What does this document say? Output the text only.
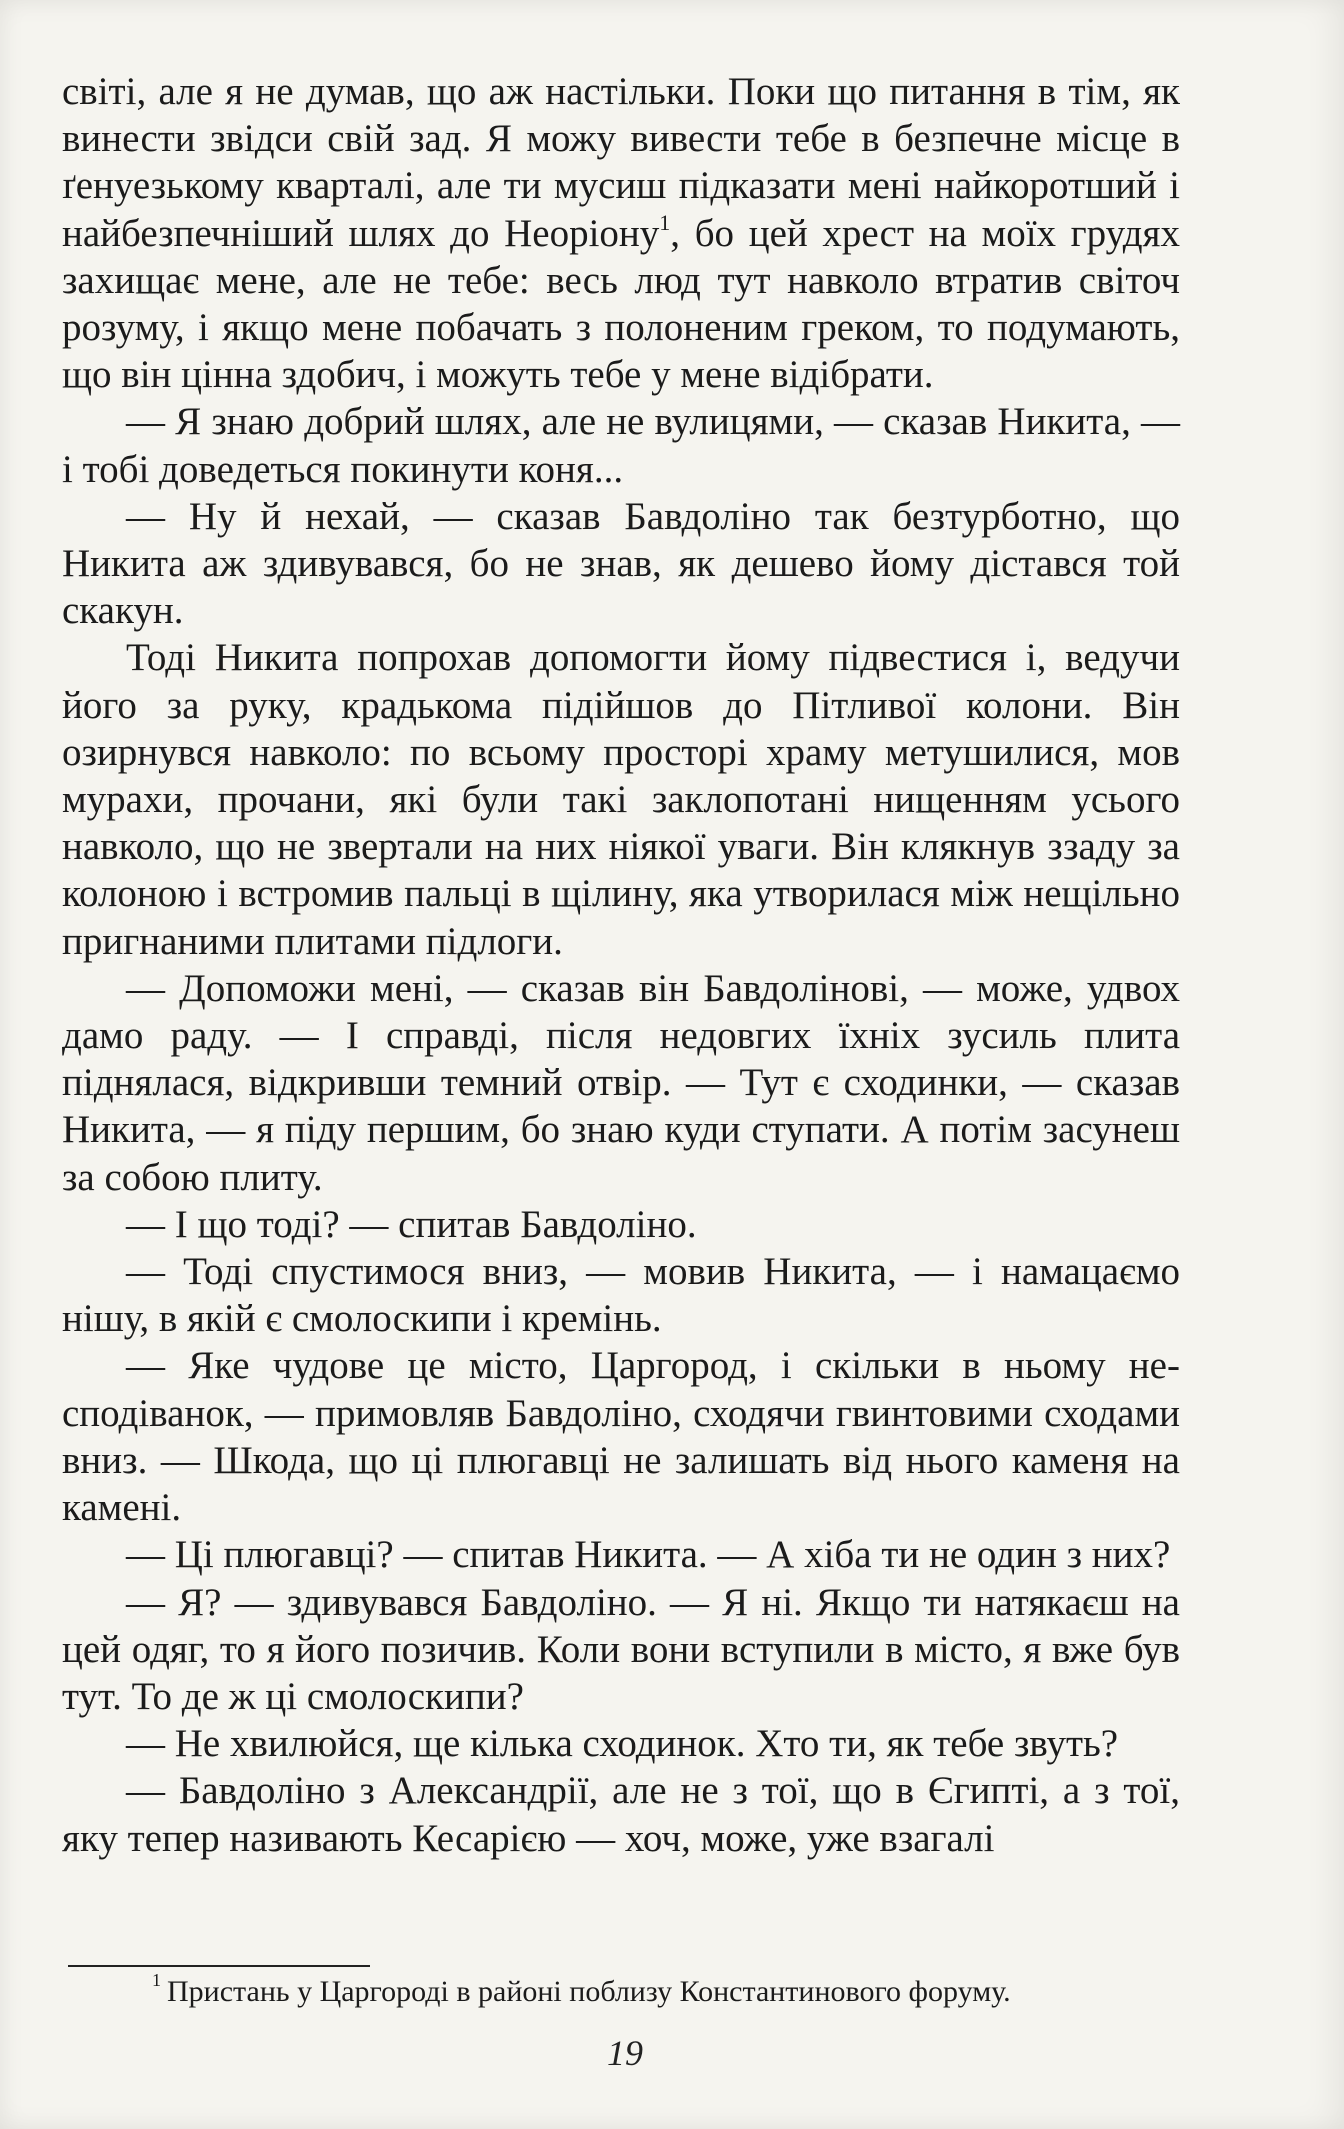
світі, але я не думав, що аж настільки. Поки що питання в тім, як винести звідси свій зад. Я можу вивести тебе в безпечне місце в ґенуезькому кварталі, але ти мусиш підказати мені найкоротший і найбезпечніший шлях до Неоріону$^1$, бо цей хрест на моїх грудях захищає мене, але не тебе: весь люд тут навколо втратив світоч розуму, і якщо мене побачать з полоненим греком, то подумають, що він цінна здобич, і можуть тебе у мене відібрати.

— Я знаю добрий шлях, але не вулицями, — сказав Никита, — і тобі доведеться покинути коня...

— Ну й нехай, — сказав Бавдоліно так безтурботно, що Никита аж здивувався, бо не знав, як дешево йому дістався той скакун.

Тоді Никита попрохав допомогти йому підвестися і, ведучи його за руку, крадькома підійшов до Пітливої колони. Він озирнувся навколо: по всьому просторі храму метушилися, мов мурахи, прочани, які були такі заклопотані нищенням усього навколо, що не звертали на них ніякої уваги. Він клякнув ззаду за колоною і встромив пальці в щілину, яка утворилася між нещільно пригнаними плитами підлоги.

— Допоможи мені, — сказав він Бавдолінові, — може, удвох дамо раду. — І справді, після недовгих їхніх зусиль плита піднялася, відкривши темний отвір. — Тут є сходинки, — сказав Никита, — я піду першим, бо знаю куди ступати. А потім засунеш за собою плиту.

— І що тоді? — спитав Бавдоліно.

— Тоді спустимося вниз, — мовив Никита, — і намацаємо нішу, в якій є смолоскипи і кремінь.

— Яке чудове це місто, Царгород, і скільки в ньому несподіванок, — примовляв Бавдоліно, сходячи гвинтовими сходами вниз. — Шкода, що ці плюгавці не залишать від нього каменя на камені.

— Ці плюгавці? — спитав Никита. — А хіба ти не один з них?

— Я? — здивувався Бавдоліно. — Я ні. Якщо ти натякаєш на цей одяг, то я його позичив. Коли вони вступили в місто, я вже був тут. То де ж ці смолоскипи?

— Не хвилюйся, ще кілька сходинок. Хто ти, як тебе звуть?

— Бавдоліно з Александрії, але не з тої, що в Єгипті, а з тої, яку тепер називають Кесарією — хоч, може, уже взагалі

$^1$ Пристань у Царгороді в районі поблизу Константинового форуму.
19
